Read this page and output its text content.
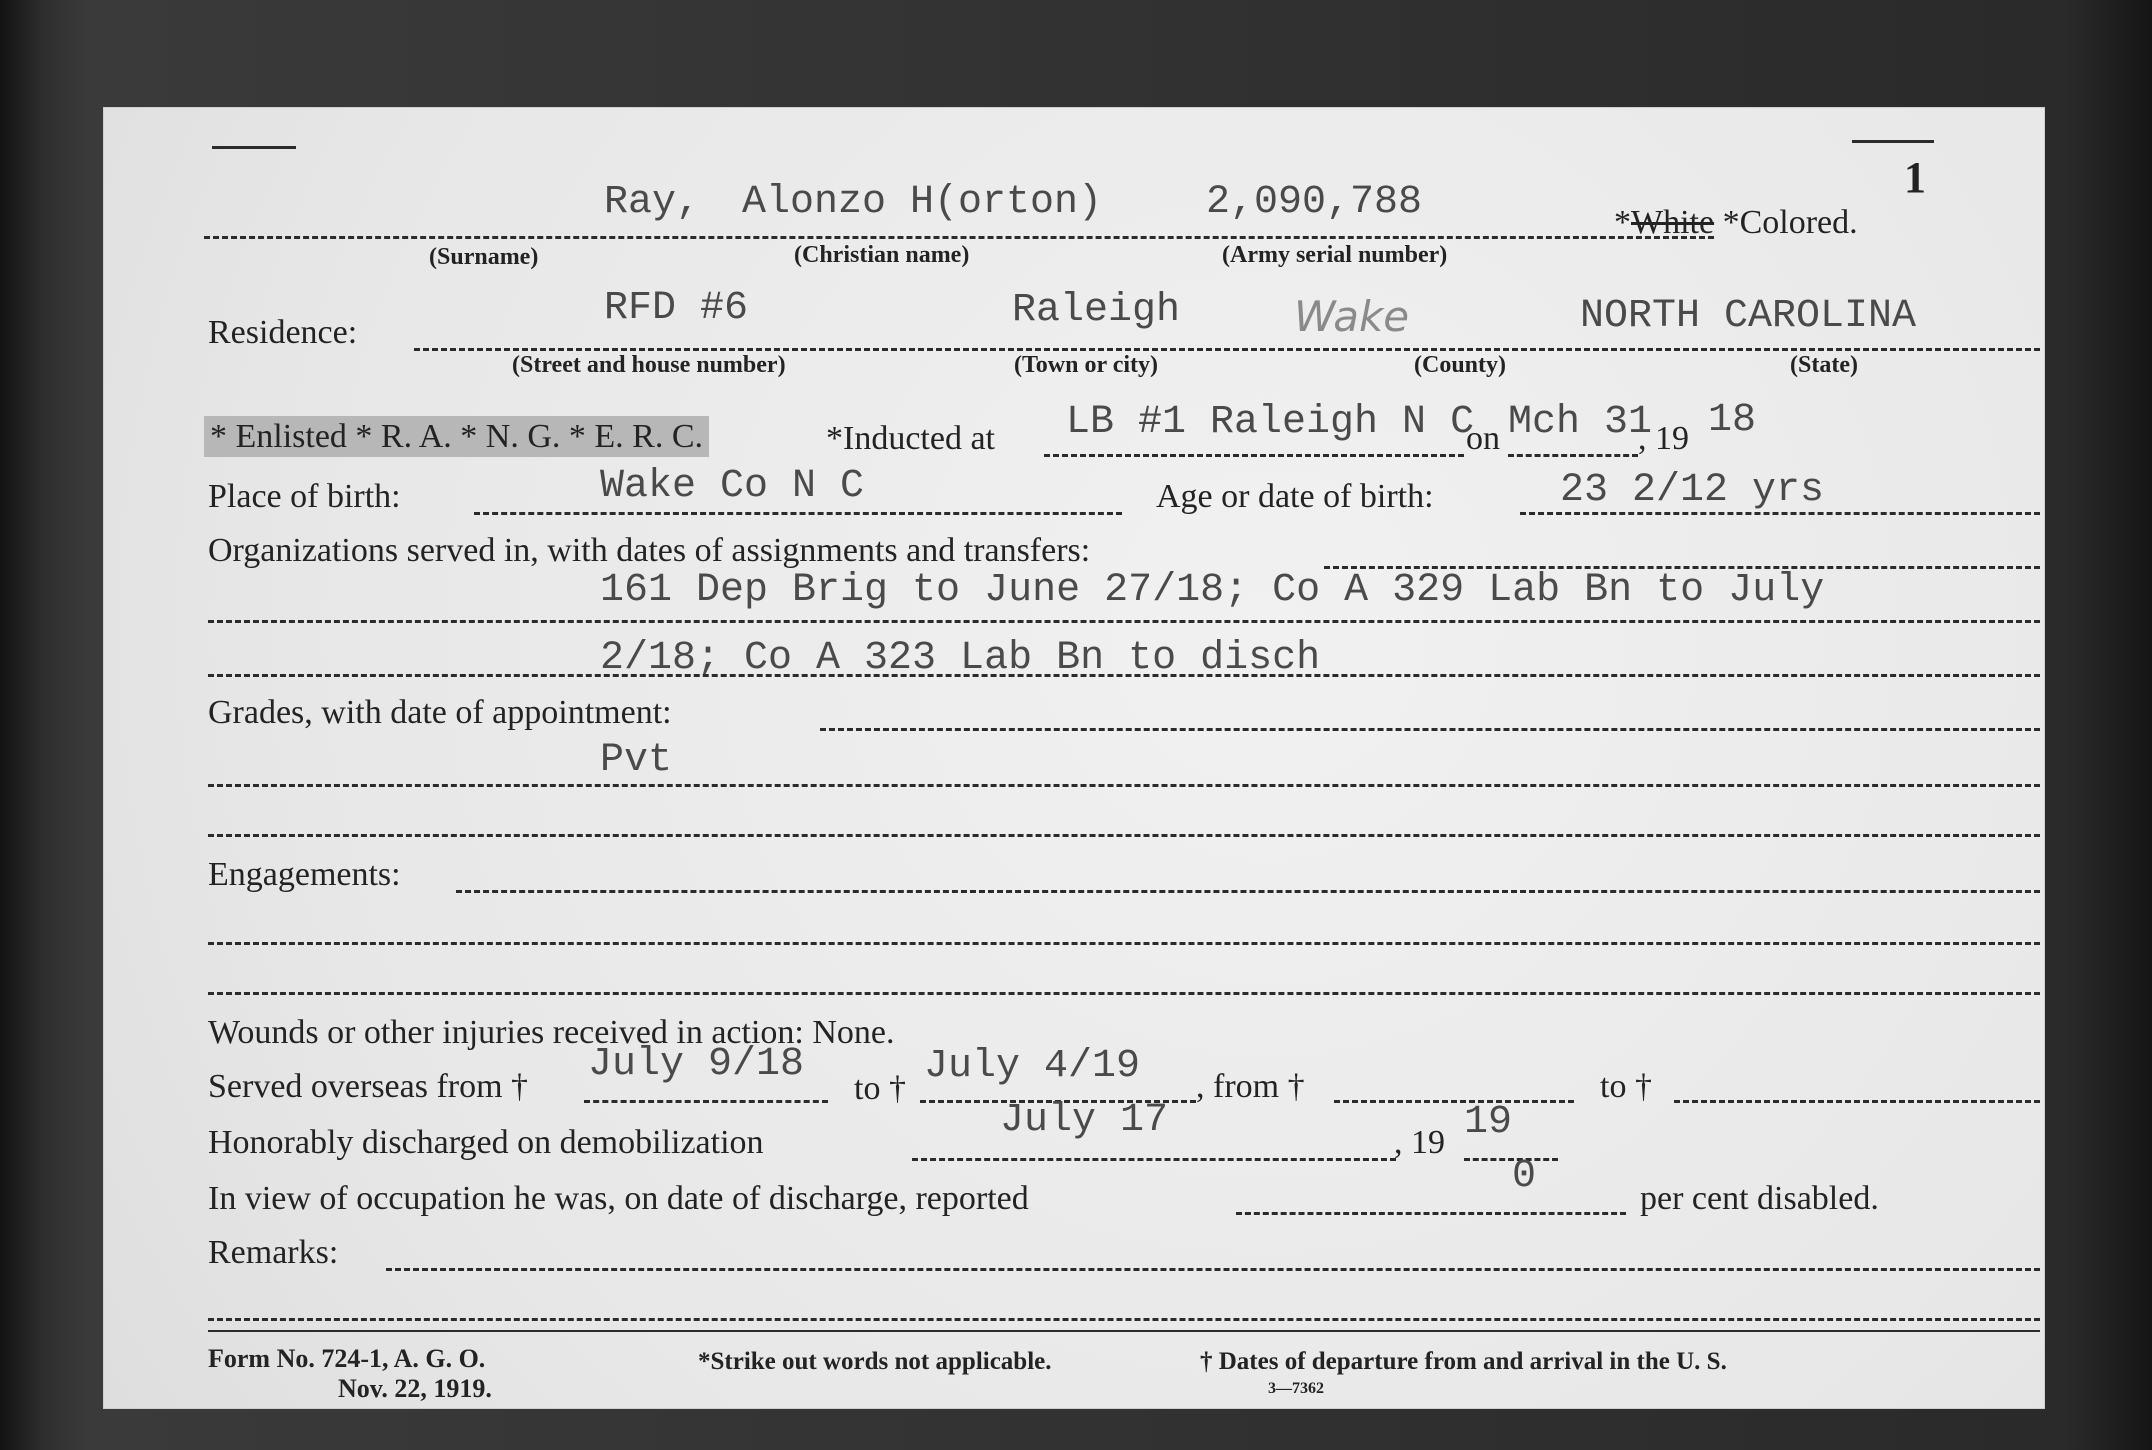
1
Ray, Alonzo H(orton)	2,090,788	*White *Colored.
(Surname)	(Christian name)	(Army serial number)
Residence:
RFD #6	Raleigh	Wake	NORTH CAROLINA
(Street and house number)	(Town or city)	(County)	(State)
* Enlisted * R. A. * N. G. * E. R. C.	*Inducted at LB #1 Raleigh N C
on Mch 31
, 19 18
Place of birth:	Wake Co N C	Age or date of birth:	23 2/12 yrs
Organizations served in, with dates of assignments and transfers:
161 Dep Brig to June 27/18; Co A 329 Lab Bn to July
2/18; Co A 323 Lab Bn to disch
Grades, with date of appointment:
Pvt
Engagements:
Wounds or other injuries received in action: None.
Served overseas from † July 9/18
to † July 4/19 , from †	to †
Honorably discharged on demobilization	July 17	, 19 19
In view of occupation he was, on date of discharge, reported	0	per cent disabled.
Remarks:
Form No. 724-1, A. G. O.
Nov. 22, 1919.
*Strike out words not applicable.	† Dates of departure from and arrival in the U. S.
3—7362
